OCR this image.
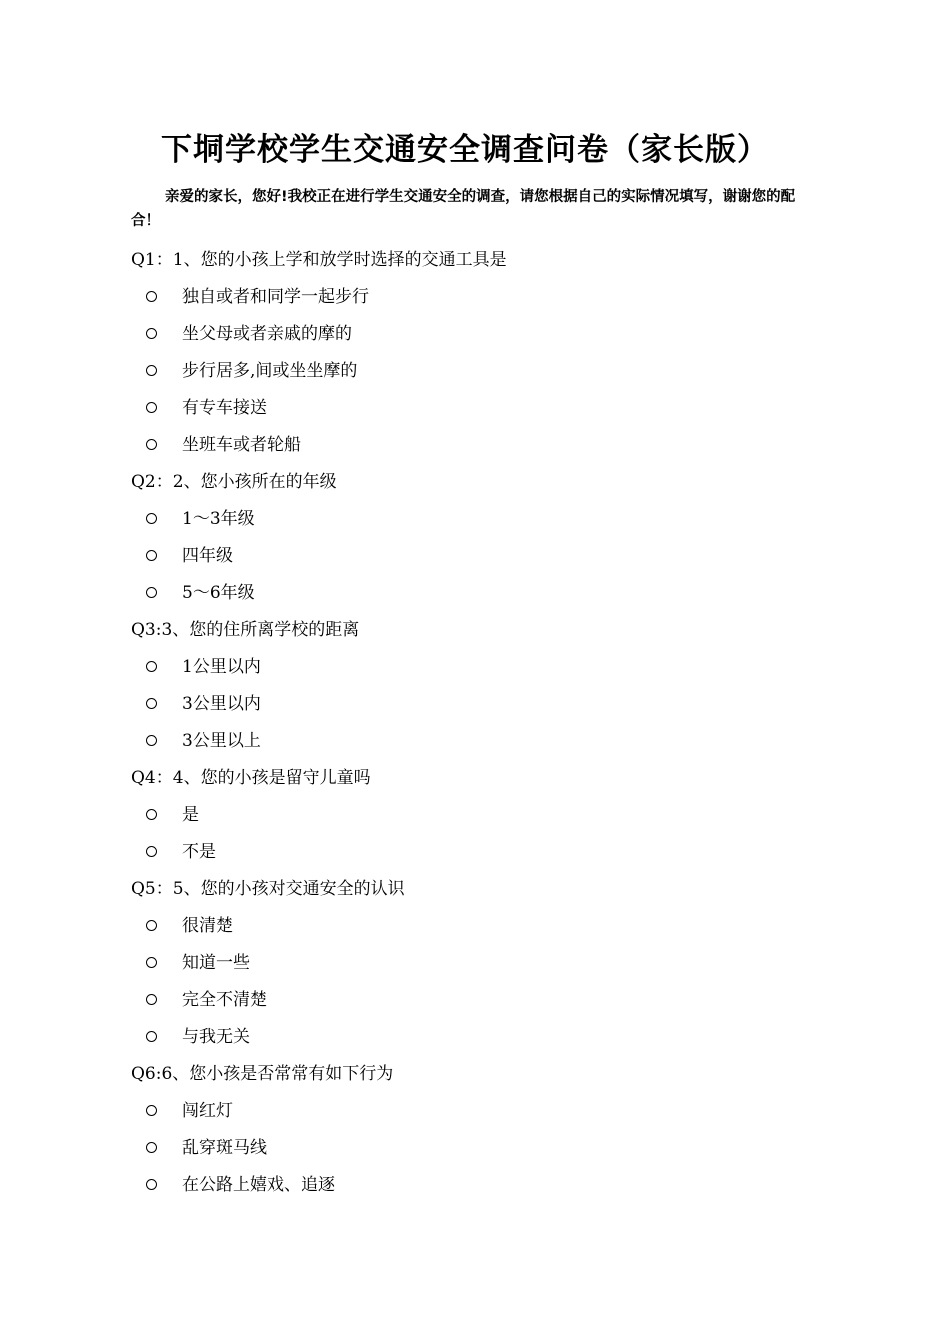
下垌学校学生交通安全调查问卷（家长版）
亲爱的家长，您好!我校正在进行学生交通安全的调查，请您根据自己的实际情况填写，谢谢您的配合！
Q1：1、您的小孩上学和放学时选择的交通工具是
独自或者和同学一起步行
坐父母或者亲戚的摩的
步行居多,间或坐坐摩的
有专车接送
坐班车或者轮船
Q2：2、您小孩所在的年级
1～3年级
四年级
5～6年级
Q3:3、您的住所离学校的距离
1公里以内
3公里以内
3公里以上
Q4：4、您的小孩是留守儿童吗
是
不是
Q5：5、您的小孩对交通安全的认识
很清楚
知道一些
完全不清楚
与我无关
Q6:6、您小孩是否常常有如下行为
闯红灯
乱穿斑马线
在公路上嬉戏、追逐
